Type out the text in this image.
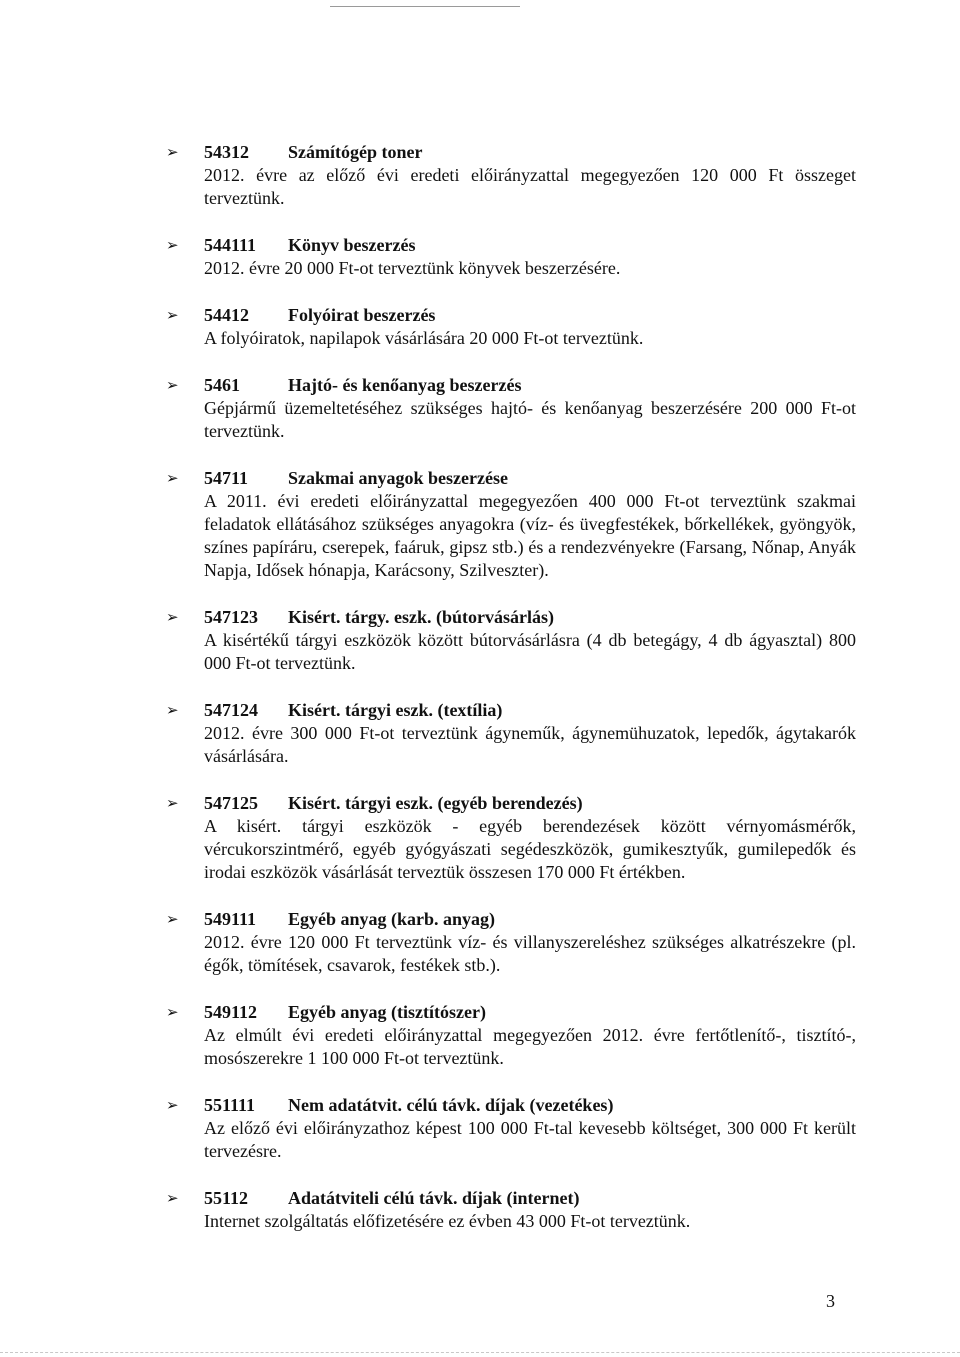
➢	54312 Számítógép toner
2012. évre az előző évi eredeti előirányzattal megegyezően 120 000 Ft összeget terveztünk.
➢	544111 Könyv beszerzés
2012. évre 20 000 Ft-ot terveztünk könyvek beszerzésére.
➢	54412 Folyóirat beszerzés
A folyóiratok, napilapok vásárlására 20 000 Ft-ot terveztünk.
➢	5461	Hajtó- és kenőanyag beszerzés
Gépjármű üzemeltetéséhez szükséges hajtó- és kenőanyag beszerzésére 200 000 Ft-ot terveztünk.
➢	54711 Szakmai anyagok beszerzése
A 2011. évi eredeti előirányzattal megegyezően 400 000 Ft-ot terveztünk szakmai feladatok ellátásához szükséges anyagokra (víz- és üvegfestékek, bőrkellékek, gyöngyök, színes papíráru, cserepek, faáruk, gipsz stb.) és a rendezvényekre (Farsang, Nőnap, Anyák Napja, Idősek hónapja, Karácsony, Szilveszter).
➢	547123 Kisért. tárgy. eszk. (bútorvásárlás)
A kisértékű tárgyi eszközök között bútorvásárlásra (4 db betegágy, 4 db ágyasztal) 800 000 Ft-ot terveztünk.
➢	547124 Kisért. tárgyi eszk. (textília)
2012. évre 300 000 Ft-ot terveztünk ágyneműk, ágynemühuzatok, lepedők, ágytakarók vásárlására.
➢	547125 Kisért. tárgyi eszk. (egyéb berendezés)
A kisért. tárgyi eszközök - egyéb berendezések között vérnyomásmérők, vércukorszintmérő, egyéb gyógyászati segédeszközök, gumikesztyűk, gumilepedők és irodai eszközök vásárlását terveztük összesen 170 000 Ft értékben.
➢	549111 Egyéb anyag (karb. anyag)
2012. évre 120 000 Ft terveztünk víz- és villanyszereléshez szükséges alkatrészekre (pl. égők, tömítések, csavarok, festékek stb.).
➢	549112 Egyéb anyag (tisztítószer)
Az elmúlt évi eredeti előirányzattal megegyezően 2012. évre fertőtlenítő-, tisztító-, mosószerekre 1 100 000 Ft-ot terveztünk.
➢	551111 Nem adatátvit. célú távk. díjak (vezetékes)
Az előző évi előirányzathoz képest 100 000 Ft-tal kevesebb költséget, 300 000 Ft került tervezésre.
➢	55112 Adatátviteli célú távk. díjak (internet)
Internet szolgáltatás előfizetésére ez évben 43 000 Ft-ot terveztünk.
3
